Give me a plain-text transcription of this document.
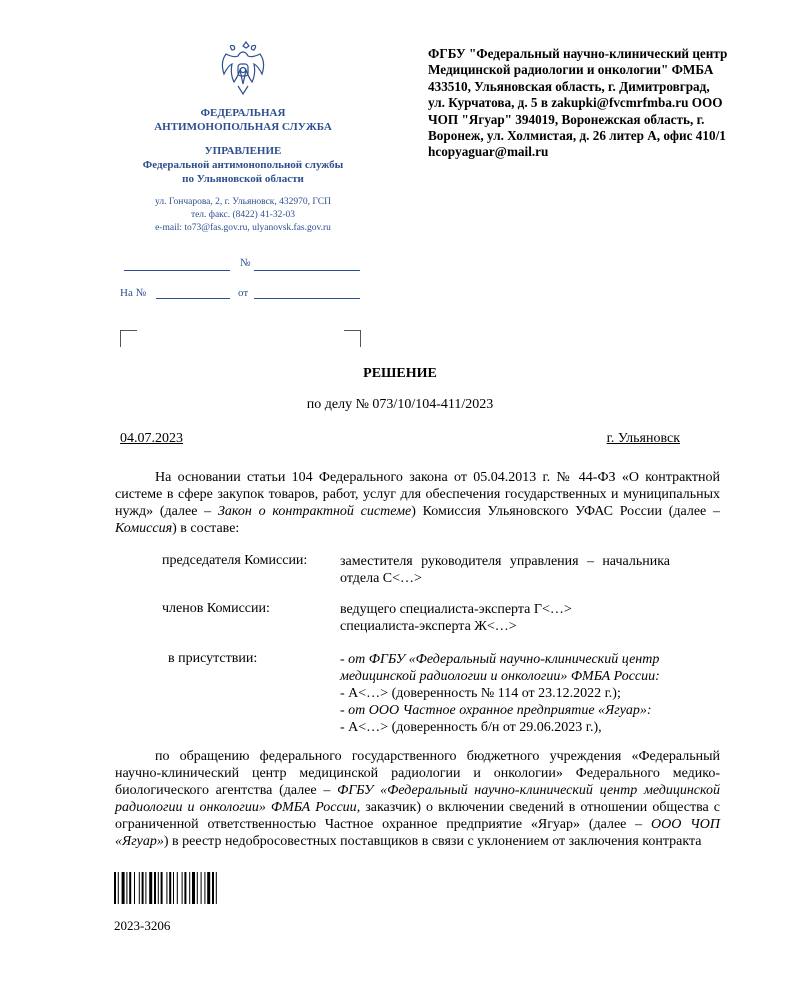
ФЕДЕРАЛЬНАЯ
АНТИМОНОПОЛЬНАЯ СЛУЖБА
УПРАВЛЕНИЕ
Федеральной антимонопольной службы
по Ульяновской области
ул. Гончарова, 2, г. Ульяновск, 432970, ГСП
тел. факс. (8422) 41-32-03
e-mail: to73@fas.gov.ru, ulyanovsk.fas.gov.ru
№
На №	от
ФГБУ "Федеральный научно-клинический центр Медицинской радиологии и онкологии" ФМБА 433510, Ульяновская область, г. Димитровград, ул. Курчатова, д. 5 в zakupki@fvcmrfmba.ru ООО ЧОП "Ягуар" 394019, Воронежская область, г. Воронеж, ул. Холмистая, д. 26 литер А, офис 410/1 hcopyaguar@mail.ru
РЕШЕНИЕ
по делу № 073/10/104-411/2023
04.07.2023	г. Ульяновск
На основании статьи 104 Федерального закона от 05.04.2013 г. № 44-ФЗ «О контрактной системе в сфере закупок товаров, работ, услуг для обеспечения государственных и муниципальных нужд» (далее – Закон о контрактной системе) Комиссия Ульяновского УФАС России (далее – Комиссия) в составе:
председателя Комиссии: заместителя руководителя управления – начальника отдела С<…>
членов Комиссии:	ведущего специалиста-эксперта Г<…>
специалиста-эксперта Ж<…>
в присутствии:	- от ФГБУ «Федеральный научно-клинический центр медицинской радиологии и онкологии» ФМБА России:
- А<…> (доверенность № 114 от 23.12.2022 г.);
- от ООО Частное охранное предприятие «Ягуар»:
- А<…> (доверенность б/н от 29.06.2023 г.),
по обращению федерального государственного бюджетного учреждения «Федеральный научно-клинический центр медицинской радиологии и онкологии» Федерального медико-биологического агентства (далее – ФГБУ «Федеральный научно-клинический центр медицинской радиологии и онкологии» ФМБА России, заказчик) о включении сведений в отношении общества с ограниченной ответственностью Частное охранное предприятие «Ягуар» (далее – ООО ЧОП «Ягуар») в реестр недобросовестных поставщиков в связи с уклонением от заключения контракта
2023-3206
